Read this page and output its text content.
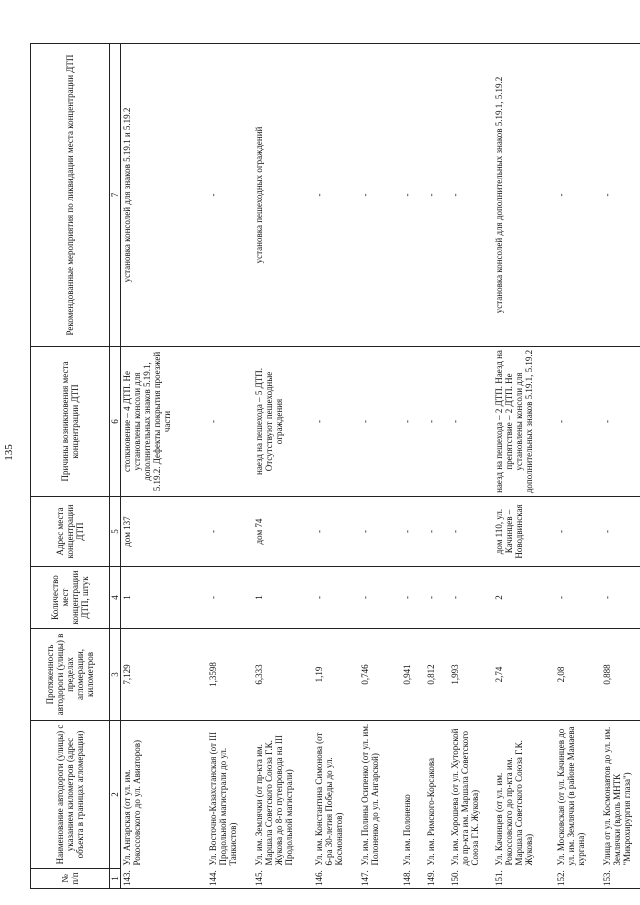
135
№ п/п	Наименование автодороги (улицы) с указанием километров (адрес объекта в границах агломерации)	Протяженность автодороги (улицы) в пределах агломерации, километров	Количество мест концентрации ДТП, штук	Адрес места концентрации ДТП	Причины возникновения места концентрации ДТП	Рекомендованные мероприятия по ликвидации места концентрации ДТП
1	2	3	4	5	6	7
143.	Ул. Ангарская (от ул. им. Рокоссовского до ул. Авиаторов)	7,129	1	дом 137	столкновение – 4 ДТП. Не установлены консоли для дополнительных знаков 5.19.1, 5.19.2. Дефекты покрытия проезжей части	установка консолей для знаков 5.19.1 и 5.19.2
144.	Ул. Восточно-Казахстанская (от III Продольной магистрали до ул. Танкистов)	1,3598	-	-	-	-
145.	Ул. им. Землячки (от пр-кта им. Маршала Советского Союза Г.К. Жукова до 8-го путепровода на III Продольной магистрали)	6,333	1	дом 74	наезд на пешехода – 5 ДТП. Отсутствуют пешеходные ограждения	установка пешеходных ограждений
146.	Ул. им. Константина Симонова (от 6-ра 30-летия Победы до ул. Космонавтов)	1,19	-	-	-	-
147.	Ул. им. Полины Осипенко (от ул. им. Полоненко до ул. Ангарской)	0,746	-	-	-	-
148.	Ул. им. Полоненко	0,941	-	-	-	-
149.	Ул. им. Римского-Корсакова	0,812	-	-	-	-
150.	Ул. им. Хорошева (от ул. Хуторской до пр-кта им. Маршала Советского Союза Г.К. Жукова)	1,993	-	-	-	-
151.	Ул. Качинцев (от ул. им. Рокоссовского до пр-кта им. Маршала Советского Союза Г.К. Жукова)	2,74	2	дом 110, ул. Качинцев – Новодвинская	наезд на пешехода – 2 ДТП. Наезд на препятствие – 2 ДТП. Не установлены консоли для дополнительных знаков 5.19.1, 5.19.2	установка консолей для дополнительных знаков 5.19.1, 5.19.2
152.	Ул. Московская (от ул. Качинцев до ул. им. Землячки (в районе Мамаева кургана)	2,08	-	-	-	-
153.	Улица от ул. Космонавтов до ул. им. Землячки (вдоль МНТК "Микрохирургия глаза")	0,888	-	-	-	-
